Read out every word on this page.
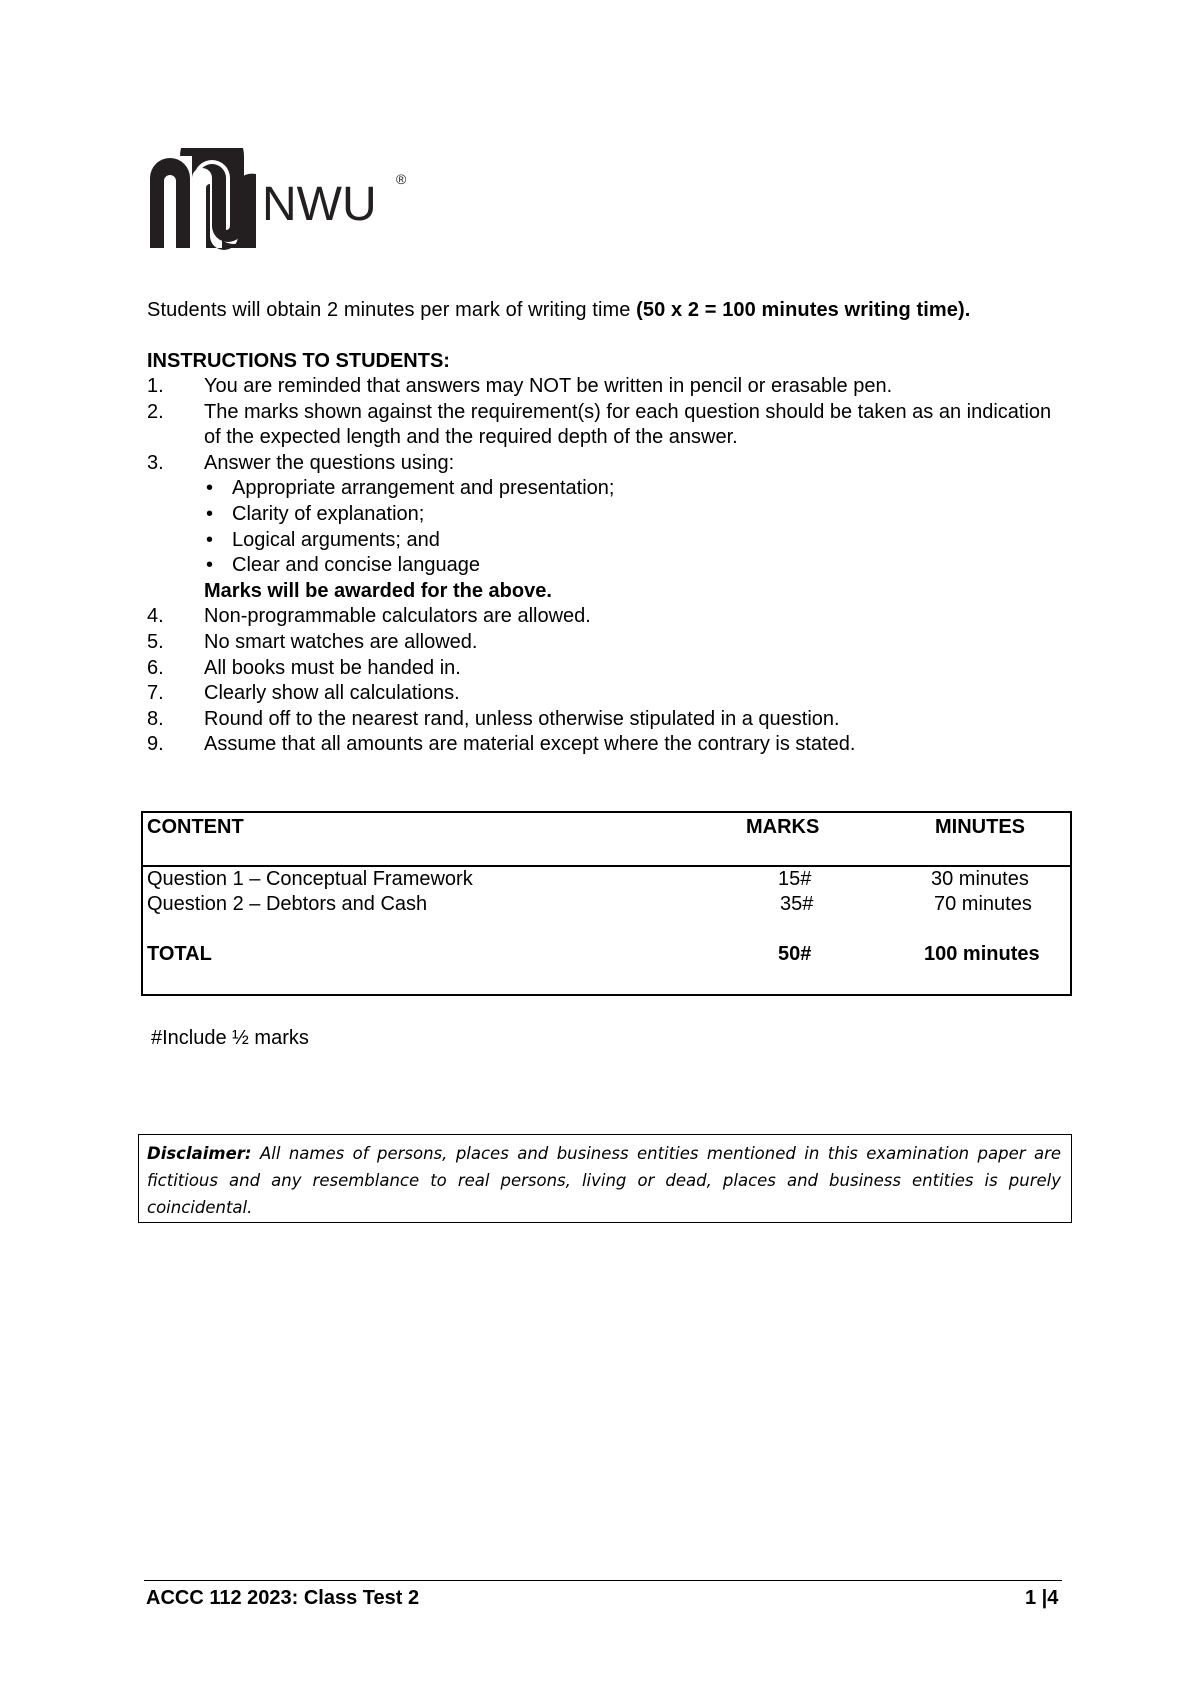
NWU ®
Students will obtain 2 minutes per mark of writing time (50 x 2 = 100 minutes writing time).
INSTRUCTIONS TO STUDENTS:
1. You are reminded that answers may NOT be written in pencil or erasable pen.
2. The marks shown against the requirement(s) for each question should be taken as an indication of the expected length and the required depth of the answer.
3. Answer the questions using:
• Appropriate arrangement and presentation;
• Clarity of explanation;
• Logical arguments; and
• Clear and concise language
Marks will be awarded for the above.
4. Non-programmable calculators are allowed.
5. No smart watches are allowed.
6. All books must be handed in.
7. Clearly show all calculations.
8. Round off to the nearest rand, unless otherwise stipulated in a question.
9. Assume that all amounts are material except where the contrary is stated.
CONTENT	MARKS	MINUTES
Question 1 – Conceptual Framework	15#	30 minutes
Question 2 – Debtors and Cash	35#	70 minutes
TOTAL	50#	100 minutes
#Include ½ marks
Disclaimer: All names of persons, places and business entities mentioned in this examination paper are fictitious and any resemblance to real persons, living or dead, places and business entities is purely coincidental.
ACCC 112 2023: Class Test 2	1 |4
